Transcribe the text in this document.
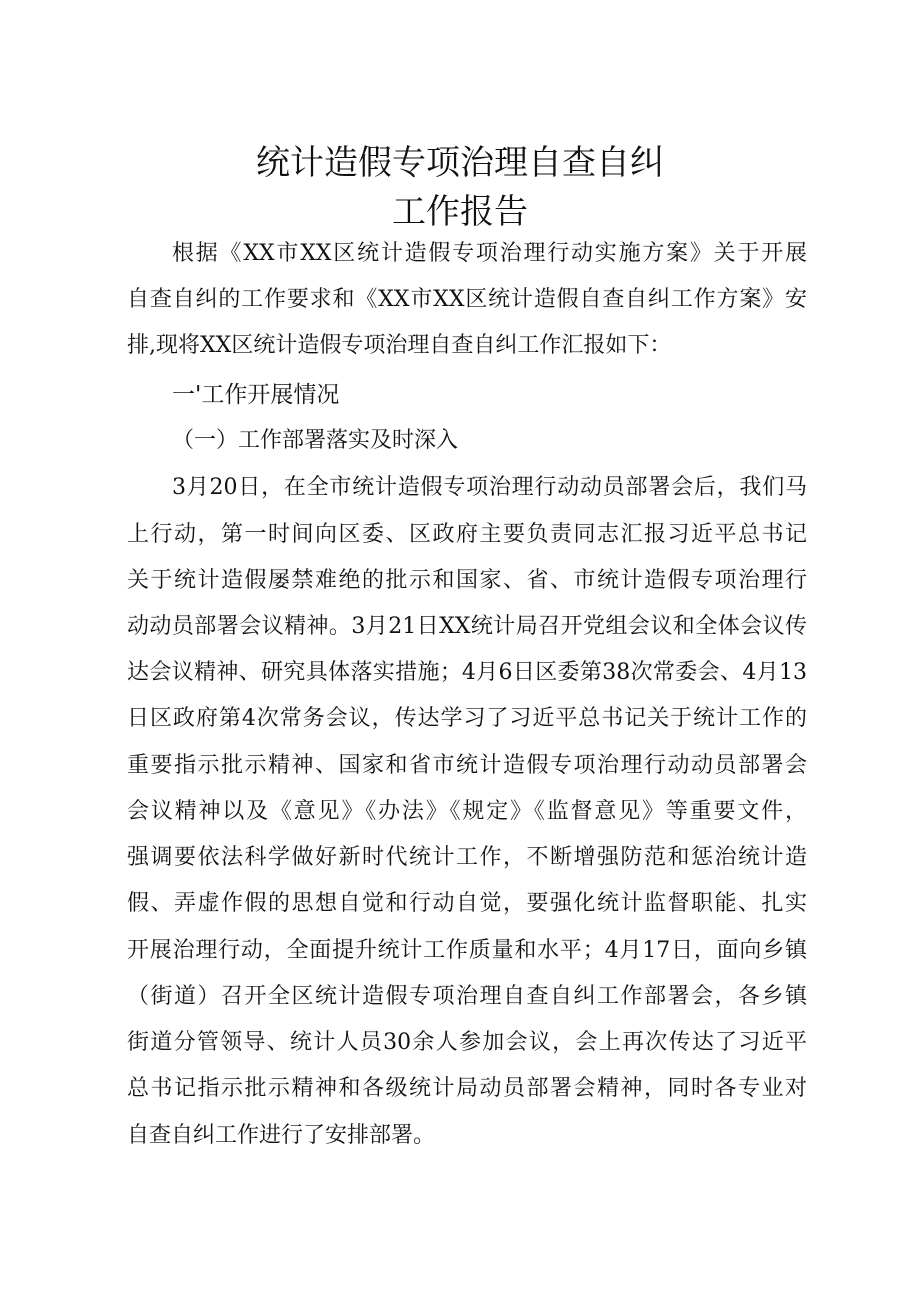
统计造假专项治理自查自纠
工作报告
根据《XX市XX区统计造假专项治理行动实施方案》关于开展
自查自纠的工作要求和《XX市XX区统计造假自查自纠工作方案》安
排,现将XX区统计造假专项治理自查自纠工作汇报如下：
一'工作开展情况
（一）工作部署落实及时深入
3月20日，在全市统计造假专项治理行动动员部署会后，我们马
上行动，第一时间向区委、区政府主要负责同志汇报习近平总书记
关于统计造假屡禁难绝的批示和国家、省、市统计造假专项治理行
动动员部署会议精神。3月21日XX统计局召开党组会议和全体会议传
达会议精神、研究具体落实措施；4月6日区委第38次常委会、4月13
日区政府第4次常务会议，传达学习了习近平总书记关于统计工作的
重要指示批示精神、国家和省市统计造假专项治理行动动员部署会
会议精神以及《意见》《办法》《规定》《监督意见》等重要文件，
强调要依法科学做好新时代统计工作，不断增强防范和惩治统计造
假、弄虚作假的思想自觉和行动自觉，要强化统计监督职能、扎实
开展治理行动，全面提升统计工作质量和水平；4月17日，面向乡镇
（街道）召开全区统计造假专项治理自查自纠工作部署会，各乡镇
街道分管领导、统计人员30余人参加会议，会上再次传达了习近平
总书记指示批示精神和各级统计局动员部署会精神，同时各专业对
自查自纠工作进行了安排部署。
